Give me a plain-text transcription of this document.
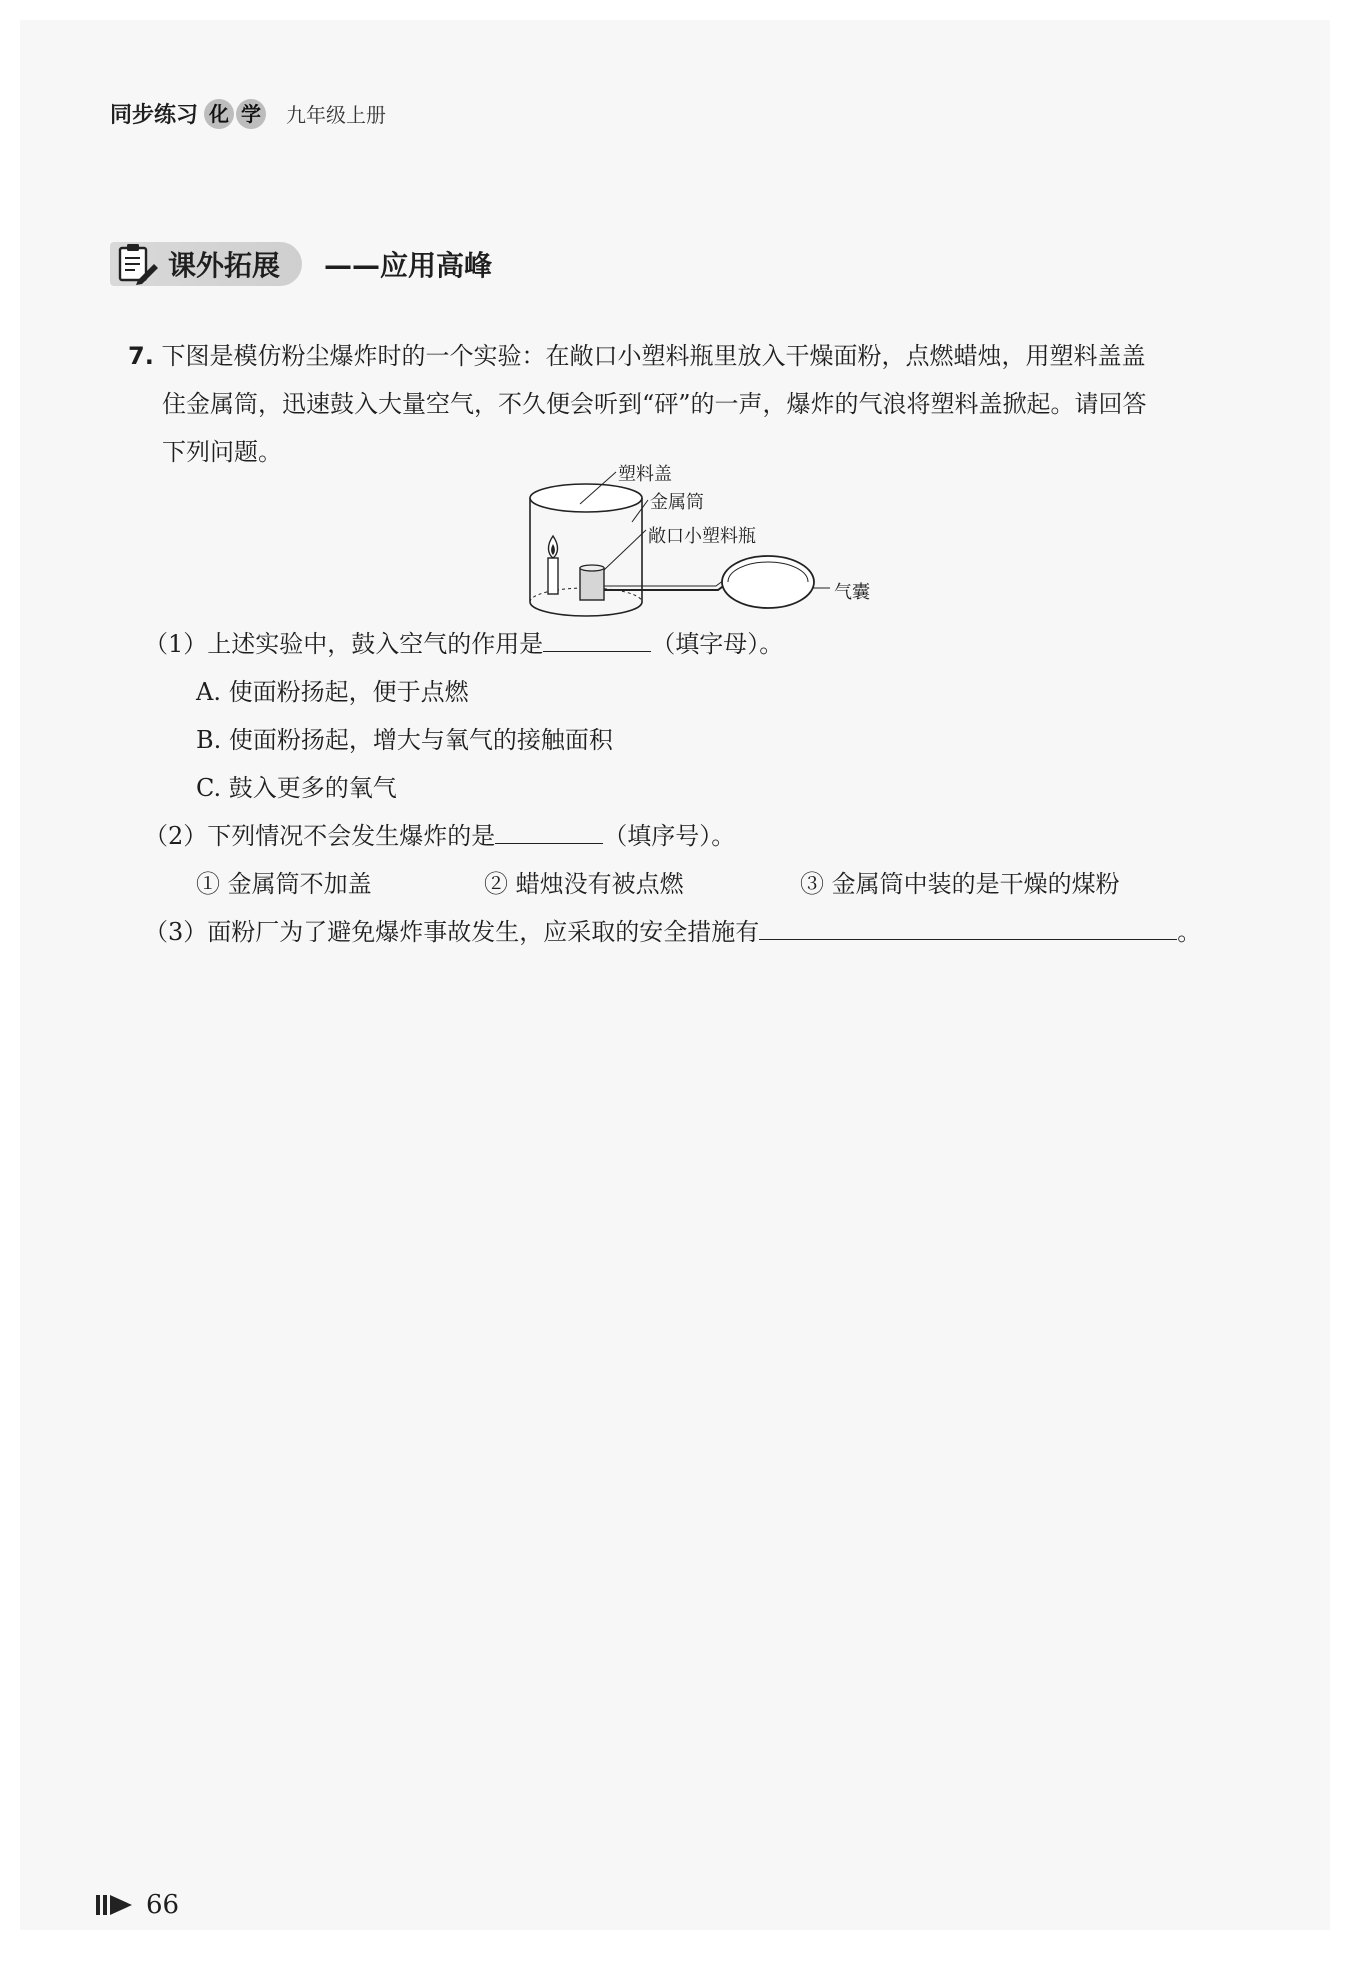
同步练习 化 学 九年级上册
课外拓展 ——应用高峰
7. 下图是模仿粉尘爆炸时的一个实验：在敞口小塑料瓶里放入干燥面粉，点燃蜡烛，用塑料盖盖
住金属筒，迅速鼓入大量空气，不久便会听到“砰”的一声，爆炸的气浪将塑料盖掀起。请回答
下列问题。
塑料盖
金属筒
敞口小塑料瓶
气囊
（1）上述实验中，鼓入空气的作用是	（填字母）。
A. 使面粉扬起，便于点燃
B. 使面粉扬起，增大与氧气的接触面积
C. 鼓入更多的氧气
（2）下列情况不会发生爆炸的是	（填序号）。
① 金属筒不加盖	② 蜡烛没有被点燃	③ 金属筒中装的是干燥的煤粉
（3）面粉厂为了避免爆炸事故发生，应采取的安全措施有	。
66
